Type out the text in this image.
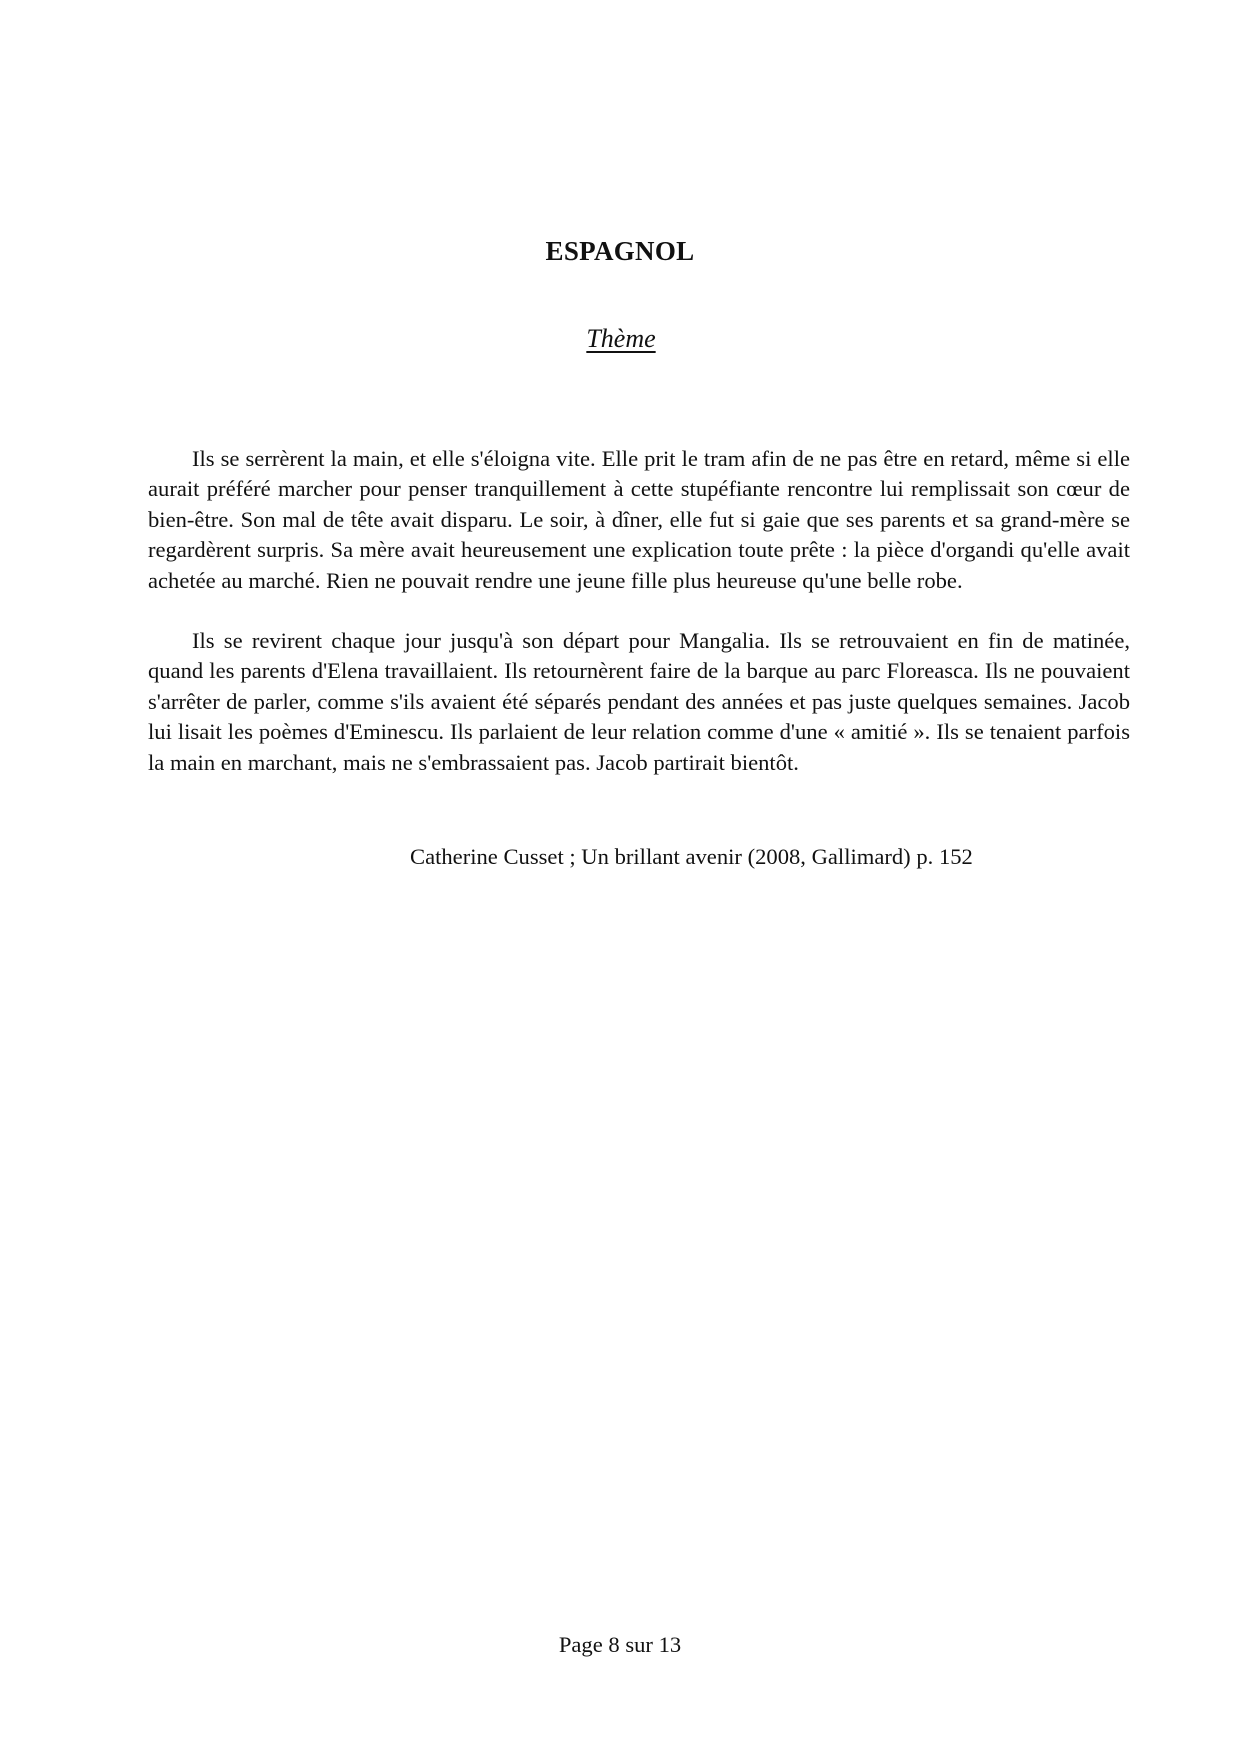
ESPAGNOL
Thème

Ils se serrèrent la main, et elle s'éloigna vite. Elle prit le tram afin de ne pas être en retard, même si elle aurait préféré marcher pour penser tranquillement à cette stupéfiante rencontre lui remplissait son cœur de bien-être. Son mal de tête avait disparu. Le soir, à dîner, elle fut si gaie que ses parents et sa grand-mère se regardèrent surpris. Sa mère avait heureusement une explication toute prête : la pièce d'organdi qu'elle avait achetée au marché. Rien ne pouvait rendre une jeune fille plus heureuse qu'une belle robe.

Ils se revirent chaque jour jusqu'à son départ pour Mangalia. Ils se retrouvaient en fin de matinée, quand les parents d'Elena travaillaient. Ils retournèrent faire de la barque au parc Floreasca. Ils ne pouvaient s'arrêter de parler, comme s'ils avaient été séparés pendant des années et pas juste quelques semaines. Jacob lui lisait les poèmes d'Eminescu. Ils parlaient de leur relation comme d'une « amitié ». Ils se tenaient parfois la main en marchant, mais ne s'embrassaient pas. Jacob partirait bientôt.

Catherine Cusset ; Un brillant avenir (2008, Gallimard) p. 152
Page 8 sur 13
